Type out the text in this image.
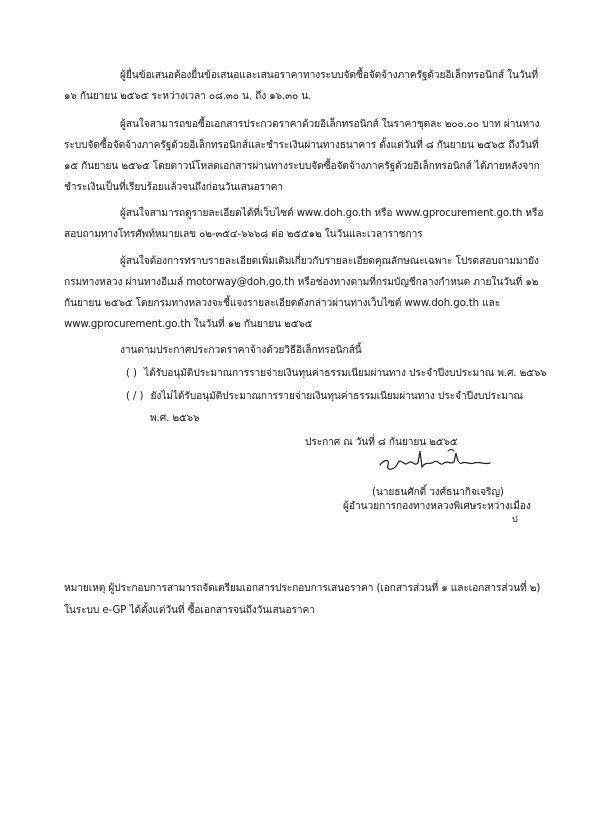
ผู้ยื่นข้อเสนอต้องยื่นข้อเสนอและเสนอราคาทางระบบจัดซื้อจัดจ้างภาครัฐด้วยอิเล็กทรอนิกส์ ในวันที่
๑๖ กันยายน ๒๕๖๕ ระหว่างเวลา ๐๘.๓๐ น. ถึง ๑๖.๓๐ น.
ผู้สนใจสามารถขอซื้อเอกสารประกวดราคาด้วยอิเล็กทรอนิกส์ ในราคาชุดละ ๒๐๐.๐๐ บาท ผ่านทาง
ระบบจัดซื้อจัดจ้างภาครัฐด้วยอิเล็กทรอนิกส์และชำระเงินผ่านทางธนาคาร ตั้งแต่วันที่ ๘ กันยายน ๒๕๖๕ ถึงวันที่
๑๕ กันยายน ๒๕๖๕ โดยดาวน์โหลดเอกสารผ่านทางระบบจัดซื้อจัดจ้างภาครัฐด้วยอิเล็กทรอนิกส์ ได้ภายหลังจาก
ชำระเงินเป็นที่เรียบร้อยแล้วจนถึงก่อนวันเสนอราคา
ผู้สนใจสามารถดูรายละเอียดได้ที่เว็บไซต์ www.doh.go.th หรือ www.gprocurement.go.th หรือ
สอบถามทางโทรศัพท์หมายเลข ๐๒-๓๕๔-๖๖๖๘ ต่อ ๒๕๕๑๒ ในวันและเวลาราชการ
ผู้สนใจต้องการทราบรายละเอียดเพิ่มเติมเกี่ยวกับรายละเอียดคุณลักษณะเฉพาะ โปรดสอบถามมายัง
กรมทางหลวง ผ่านทางอีเมล์ motorway@doh.go.th หรือช่องทางตามที่กรมบัญชีกลางกำหนด ภายในวันที่ ๑๒
กันยายน ๒๕๖๕ โดยกรมทางหลวงจะชี้แจงรายละเอียดดังกล่าวผ่านทางเว็บไซต์ www.doh.go.th และ
www.gprocurement.go.th ในวันที่ ๑๒ กันยายน ๒๕๖๕
งานตามประกาศประกวดราคาจ้างด้วยวิธีอิเล็กทรอนิกส์นี้
( ) ได้รับอนุมัติประมาณการรายจ่ายเงินทุนค่าธรรมเนียมผ่านทาง ประจำปีงบประมาณ พ.ศ. ๒๕๖๖
( / ) ยังไม่ได้รับอนุมัติประมาณการรายจ่ายเงินทุนค่าธรรมเนียมผ่านทาง ประจำปีงบประมาณ
พ.ศ. ๒๕๖๖
ประกาศ ณ วันที่ ๘ กันยายน ๒๕๖๕
(นายธนศักดิ์ วงศ์ธนากิจเจริญ)
ผู้อำนวยการกองทางหลวงพิเศษระหว่างเมือง
ป
หมายเหตุ ผู้ประกอบการสามารถจัดเตรียมเอกสารประกอบการเสนอราคา (เอกสารส่วนที่ ๑ และเอกสารส่วนที่ ๒)
ในระบบ e-GP ได้ตั้งแต่วันที่ ซื้อเอกสารจนถึงวันเสนอราคา
